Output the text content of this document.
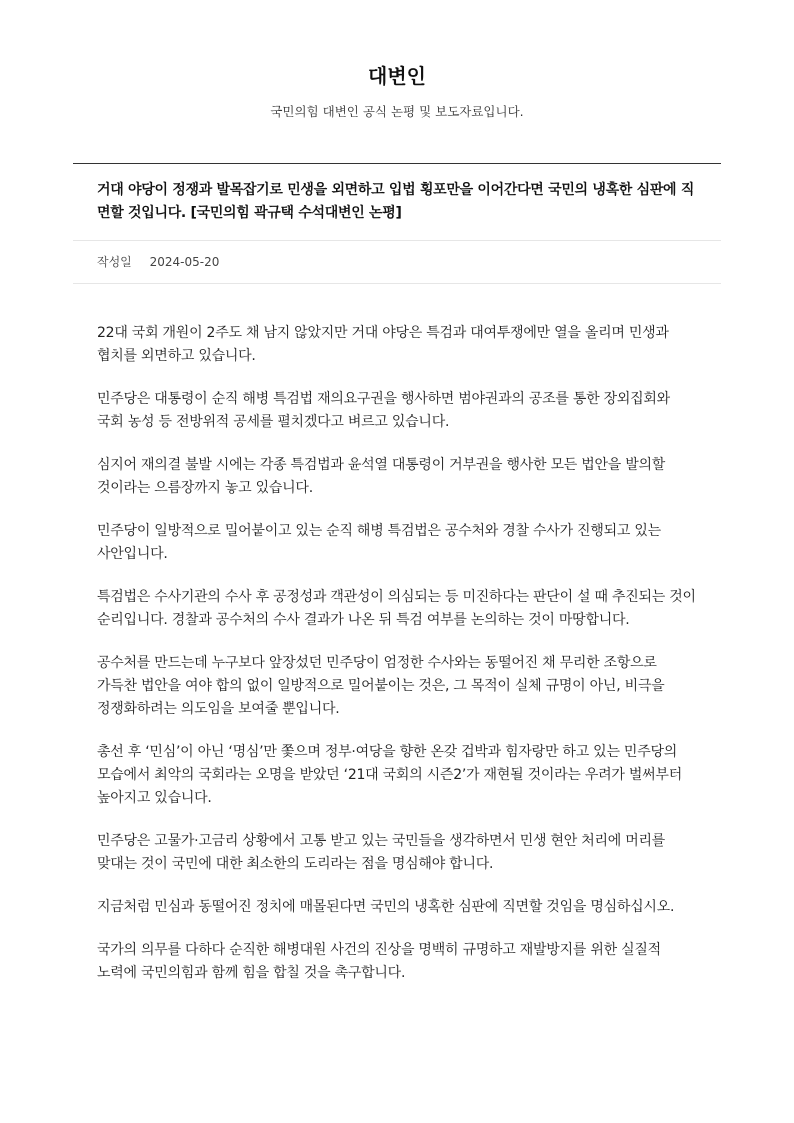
대변인

국민의힘 대변인 공식 논평 및 보도자료입니다.

거대 야당이 정쟁과 발목잡기로 민생을 외면하고 입법 횡포만을 이어간다면 국민의 냉혹한 심판에 직면할 것입니다. [국민의힘 곽규택 수석대변인 논평]
작성일 2024-05-20

22대 국회 개원이 2주도 채 남지 않았지만 거대 야당은 특검과 대여투쟁에만 열을 올리며 민생과 협치를 외면하고 있습니다.

민주당은 대통령이 순직 해병 특검법 재의요구권을 행사하면 범야권과의 공조를 통한 장외집회와 국회 농성 등 전방위적 공세를 펼치겠다고 벼르고 있습니다.

심지어 재의결 불발 시에는 각종 특검법과 윤석열 대통령이 거부권을 행사한 모든 법안을 발의할 것이라는 으름장까지 놓고 있습니다.

민주당이 일방적으로 밀어붙이고 있는 순직 해병 특검법은 공수처와 경찰 수사가 진행되고 있는 사안입니다.

특검법은 수사기관의 수사 후 공정성과 객관성이 의심되는 등 미진하다는 판단이 설 때 추진되는 것이 순리입니다. 경찰과 공수처의 수사 결과가 나온 뒤 특검 여부를 논의하는 것이 마땅합니다.

공수처를 만드는데 누구보다 앞장섰던 민주당이 엄정한 수사와는 동떨어진 채 무리한 조항으로 가득찬 법안을 여야 합의 없이 일방적으로 밀어붙이는 것은, 그 목적이 실체 규명이 아닌, 비극을 정쟁화하려는 의도임을 보여줄 뿐입니다.

총선 후 ‘민심’이 아닌 ‘명심’만 쫓으며 정부·여당을 향한 온갖 겁박과 힘자랑만 하고 있는 민주당의 모습에서 최악의 국회라는 오명을 받았던 ‘21대 국회의 시즌2’가 재현될 것이라는 우려가 벌써부터 높아지고 있습니다.

민주당은 고물가·고금리 상황에서 고통 받고 있는 국민들을 생각하면서 민생 현안 처리에 머리를 맞대는 것이 국민에 대한 최소한의 도리라는 점을 명심해야 합니다.

지금처럼 민심과 동떨어진 정치에 매몰된다면 국민의 냉혹한 심판에 직면할 것임을 명심하십시오.

국가의 의무를 다하다 순직한 해병대원 사건의 진상을 명백히 규명하고 재발방지를 위한 실질적 노력에 국민의힘과 함께 힘을 합칠 것을 촉구합니다.
